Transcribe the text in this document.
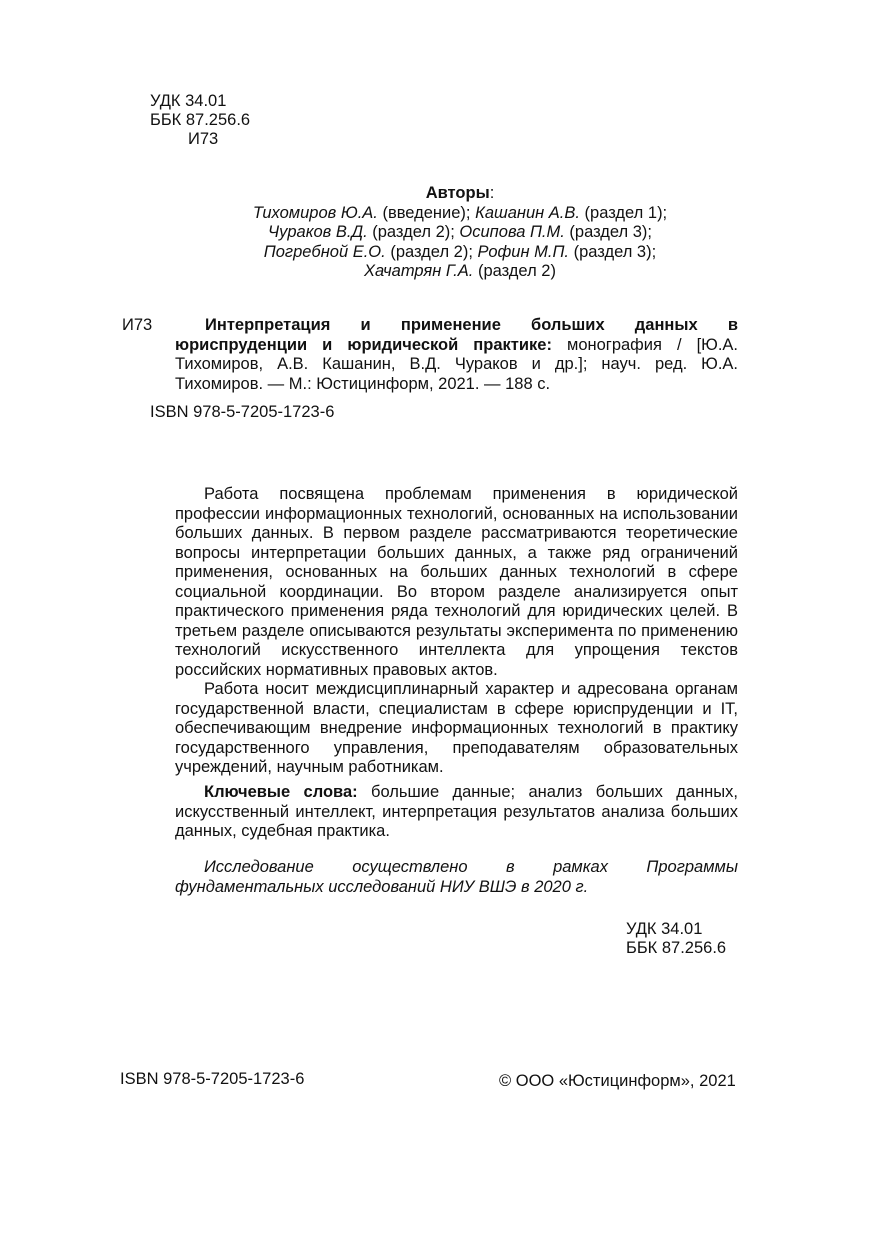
УДК 34.01
ББК 87.256.6
И73
Авторы:
Тихомиров Ю.А. (введение); Кашанин А.В. (раздел 1);
Чураков В.Д. (раздел 2); Осипова П.М. (раздел 3);
Погребной Е.О. (раздел 2); Рофин М.П. (раздел 3);
Хачатрян Г.А. (раздел 2)
И73	Интерпретация и применение больших данных в юриспруденции и юридической практике: монография / [Ю.А. Тихомиров, А.В. Кашанин, В.Д. Чураков и др.]; науч. ред. Ю.А. Тихомиров. — М.: Юстицинформ, 2021. — 188 с.
ISBN 978-5-7205-1723-6

Работа посвящена проблемам применения в юридической профессии информационных технологий, основанных на использовании больших данных. В первом разделе рассматриваются теоретические вопросы интерпретации больших данных, а также ряд ограничений применения, основанных на больших данных технологий в сфере социальной координации. Во втором разделе анализируется опыт практического применения ряда технологий для юридических целей. В третьем разделе описываются результаты эксперимента по применению технологий искусственного интеллекта для упрощения текстов российских нормативных правовых актов.

Работа носит междисциплинарный характер и адресована органам государственной власти, специалистам в сфере юриспруденции и IT, обеспечивающим внедрение информационных технологий в практику государственного управления, преподавателям образовательных учреждений, научным работникам.

Ключевые слова: большие данные; анализ больших данных, искусственный интеллект, интерпретация результатов анализа больших данных, судебная практика.
Исследование осуществлено в рамках Программы фундаментальных исследований НИУ ВШЭ в 2020 г.
УДК 34.01
ББК 87.256.6
ISBN 978-5-7205-1723-6	© ООО «Юстицинформ», 2021
